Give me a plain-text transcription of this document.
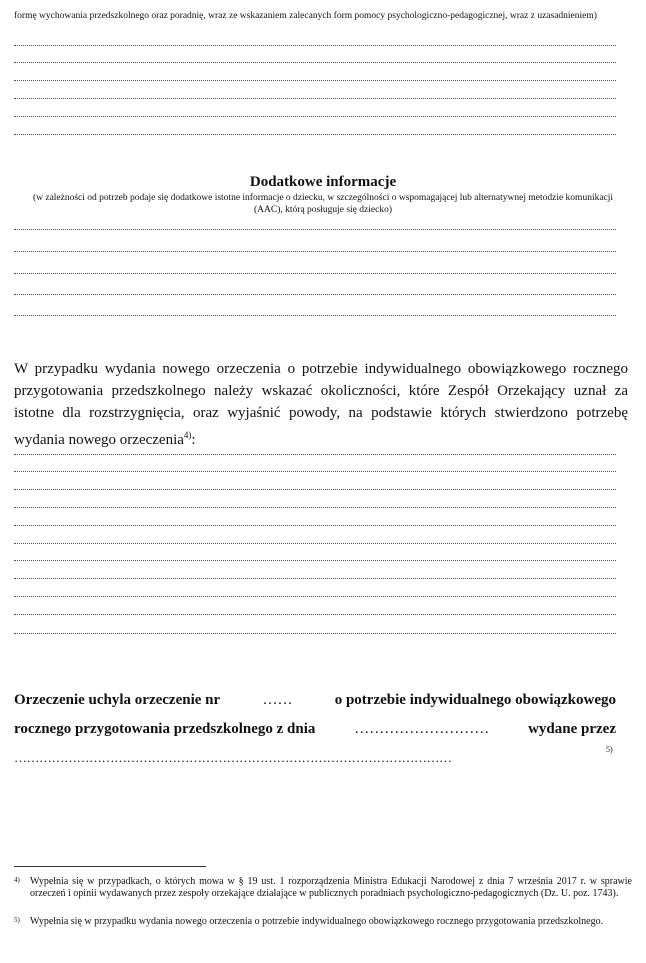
formę wychowania przedszkolnego oraz poradnię, wraz ze wskazaniem zalecanych form pomocy psychologiczno-pedagogicznej, wraz z uzasadnieniem)
Dodatkowe informacje
(w zależności od potrzeb podaje się dodatkowe istotne informacje o dziecku, w szczególności o wspomagającej lub alternatywnej metodzie komunikacji (AAC), którą posługuje się dziecko)
W przypadku wydania nowego orzeczenia o potrzebie indywidualnego obowiązkowego rocznego przygotowania przedszkolnego należy wskazać okoliczności, które Zespół Orzekający uznał za istotne dla rozstrzygnięcia, oraz wyjaśnić powody, na podstawie których stwierdzono potrzebę wydania nowego orzeczenia$^{4)}$:
Orzeczenie uchyla orzeczenie nr	……	o potrzebie indywidualnego obowiązkowego
rocznego przygotowania przedszkolnego z dnia	………………………	wydane przez
……………………………………………………………………………………………
5)
4) Wypełnia się w przypadkach, o których mowa w § 19 ust. 1 rozporządzenia Ministra Edukacji Narodowej z dnia 7 września 2017 r. w sprawie orzeczeń i opinii wydawanych przez zespoły orzekające działające w publicznych poradniach psychologiczno-pedagogicznych (Dz. U. poz. 1743).
5) Wypełnia się w przypadku wydania nowego orzeczenia o potrzebie indywidualnego obowiązkowego rocznego przygotowania przedszkolnego.
